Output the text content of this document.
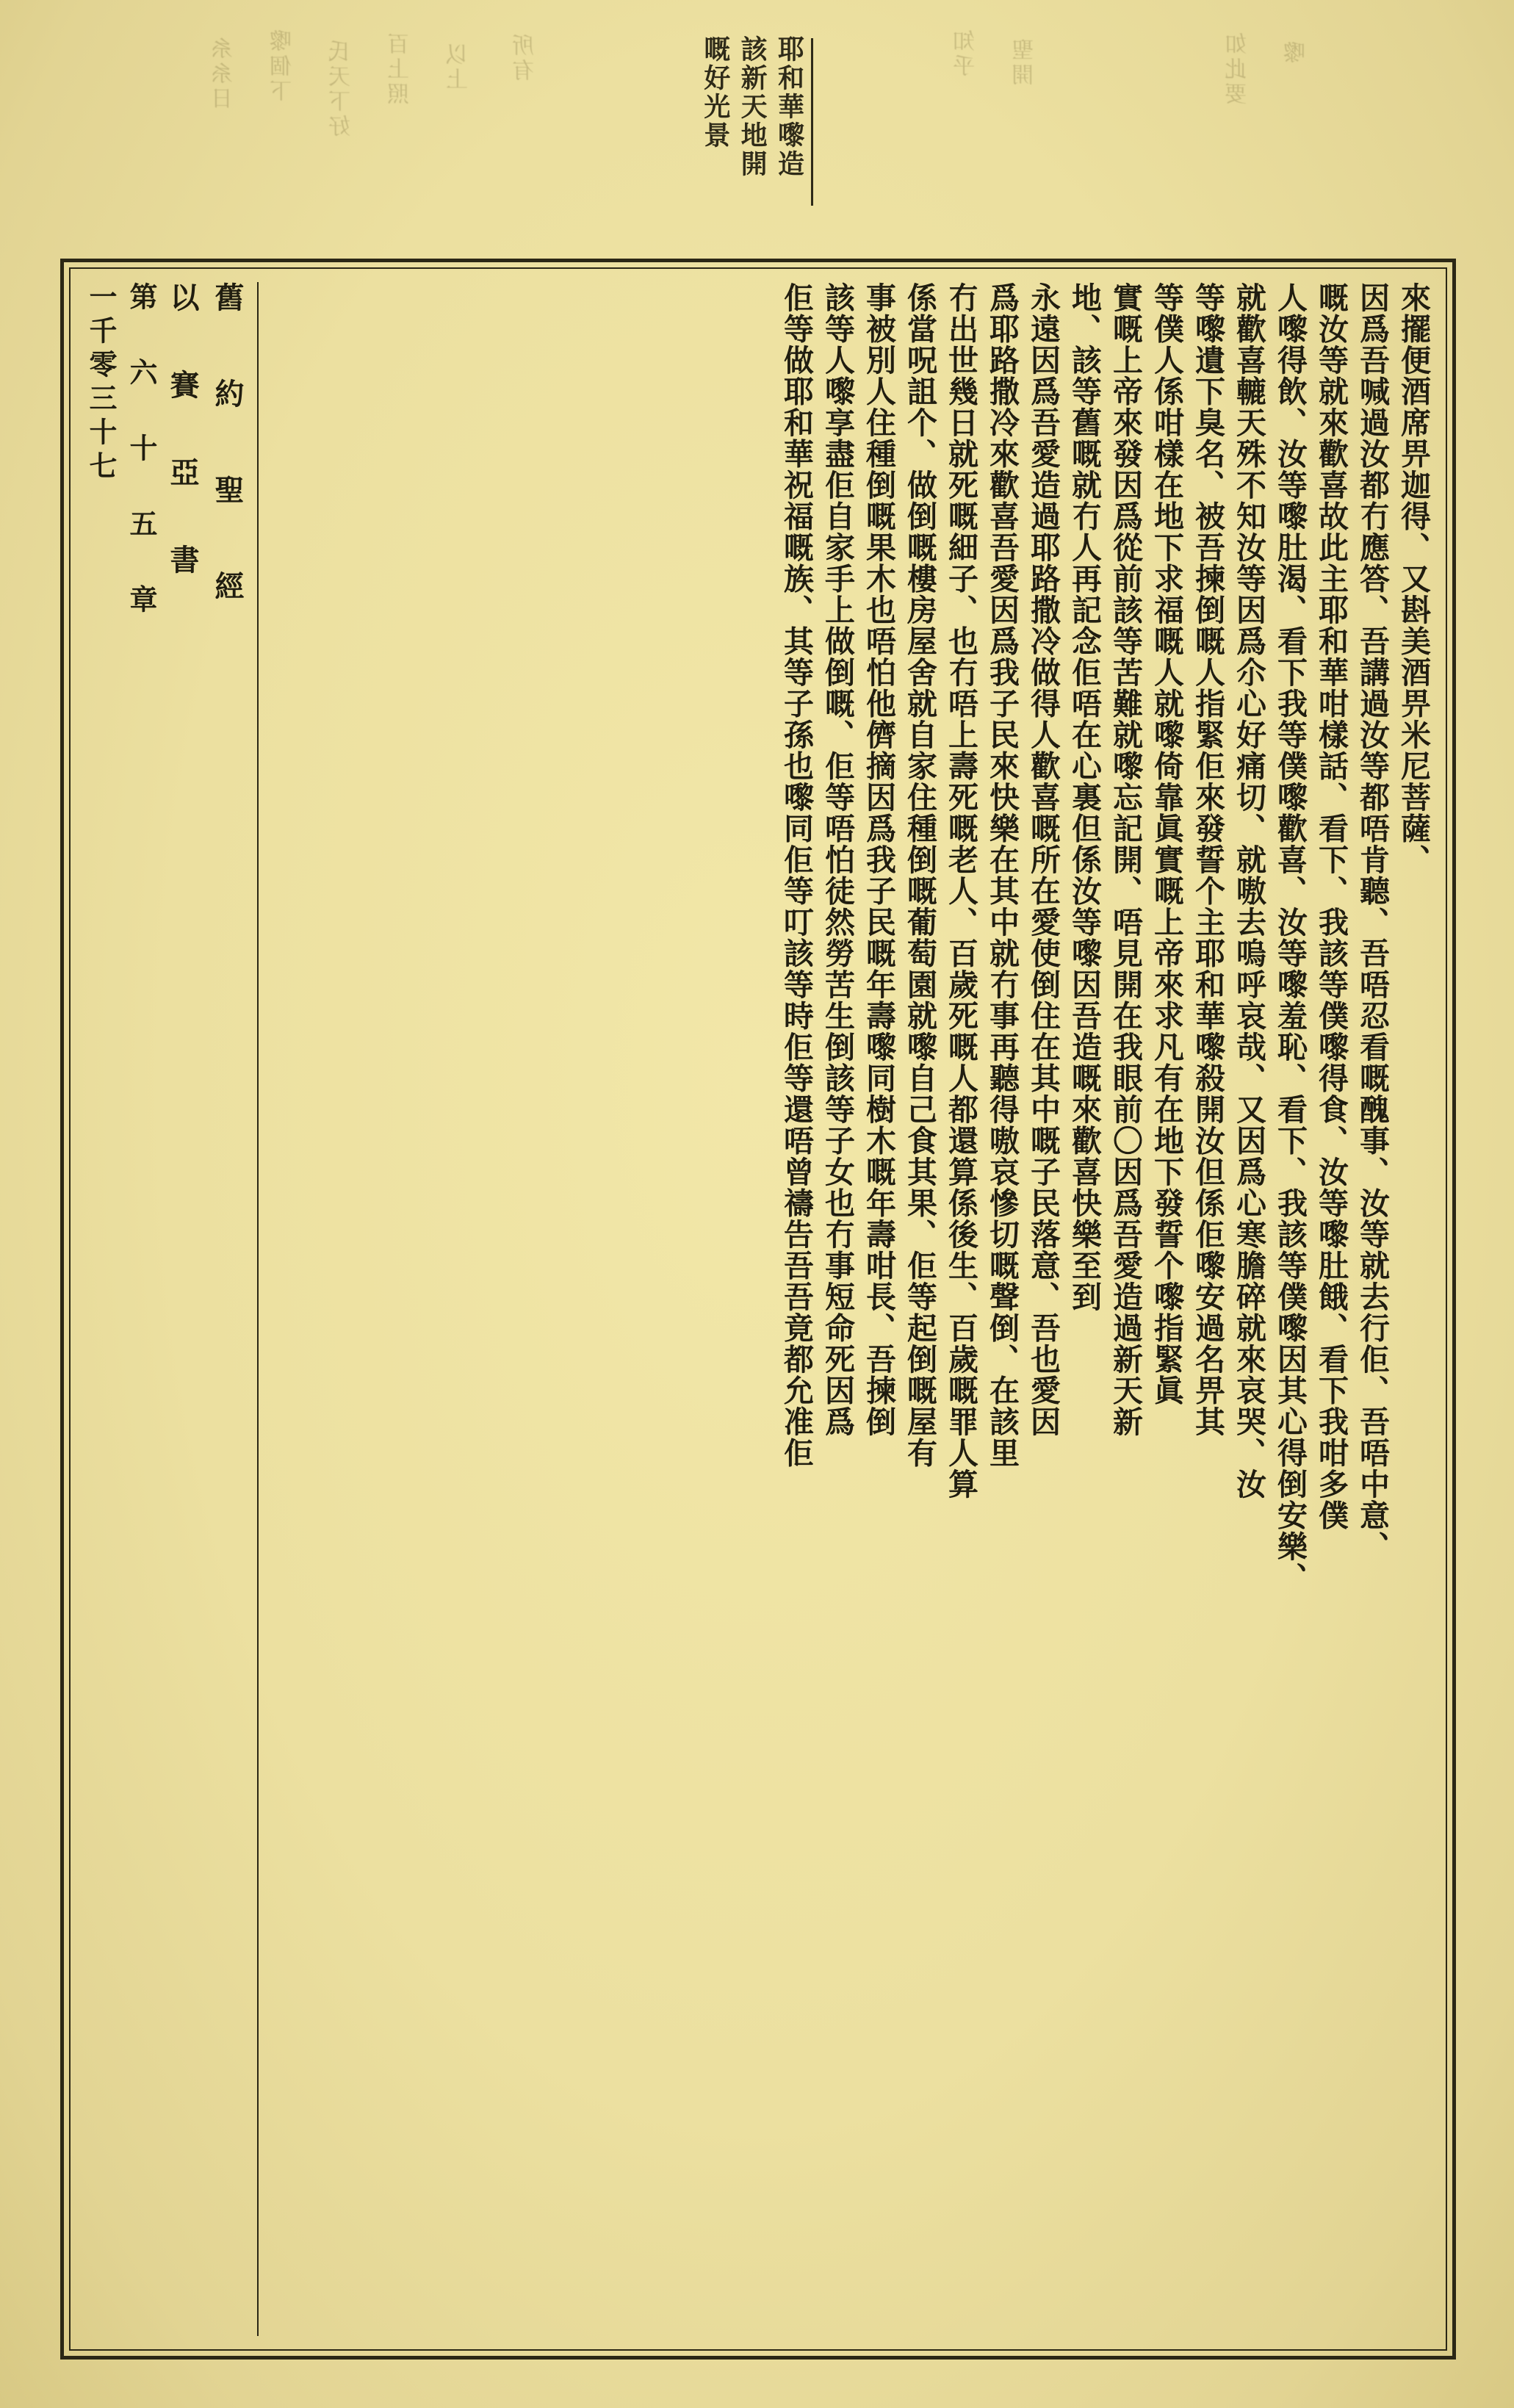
糸糸日 嚟個下 氏天下好 百上照 以上 所有	知乎 聖開	如此要 嚟
耶和華嚟造
該新天地開
嘅好光景
來擺便酒席畀迦得、又斟美酒畀米尼菩薩、
因爲吾喊過汝都冇應答、吾講過汝等都唔肯聽、吾唔忍看嘅醜事、汝等就去行佢、吾唔中意、
嘅汝等就來歡喜故此主耶和華咁樣話、看下、我該等僕嚟得食、汝等嚟肚餓、看下我咁多僕
人嚟得飲、汝等嚟肚渴、看下我等僕嚟歡喜、汝等嚟羞恥、看下、我該等僕嚟因其心得倒安樂、
就歡喜轆天殊不知汝等因爲尒心好痛切、就嗷去嗚呼哀哉、又因爲心寒膽碎就來哀哭、汝
等嚟遺下臭名、被吾揀倒嘅人指緊佢來發誓个主耶和華嚟殺開汝但係佢嚟安過名畀其
等僕人係咁樣在地下求福嘅人就嚟倚靠眞實嘅上帝來求凡有在地下發誓个嚟指緊眞
實嘅上帝來發因爲從前該等苦難就嚟忘記開、唔見開在我眼前〇因爲吾愛造過新天新
地、該等舊嘅就冇人再記念佢唔在心裏但係汝等嚟因吾造嘅來歡喜快樂至到
永遠因爲吾愛造過耶路撒冷做得人歡喜嘅所在愛使倒住在其中嘅子民落意、吾也愛因
爲耶路撒冷來歡喜吾愛因爲我子民來快樂在其中就冇事再聽得嗷哀慘切嘅聲倒、在該里
冇出世幾日就死嘅細子、也冇唔上壽死嘅老人、百歲死嘅人都還算係後生、百歲嘅罪人算
係當呪詛个、做倒嘅樓房屋舍就自家住種倒嘅葡萄園就嚟自己食其果、佢等起倒嘅屋有
事被別人住種倒嘅果木也唔怕他儕摘因爲我子民嘅年壽嚟同樹木嘅年壽咁長、吾揀倒
該等人嚟享盡佢自家手上做倒嘅、佢等唔怕徒然勞苦生倒該等子女也冇事短命死因爲
佢等做耶和華祝福嘅族、其等子孫也嚟同佢等叮該等時佢等還唔曾禱告吾吾竟都允准佢
舊 約 聖 經
以 賽 亞 書
第 六 十 五 章
一千零三十七
